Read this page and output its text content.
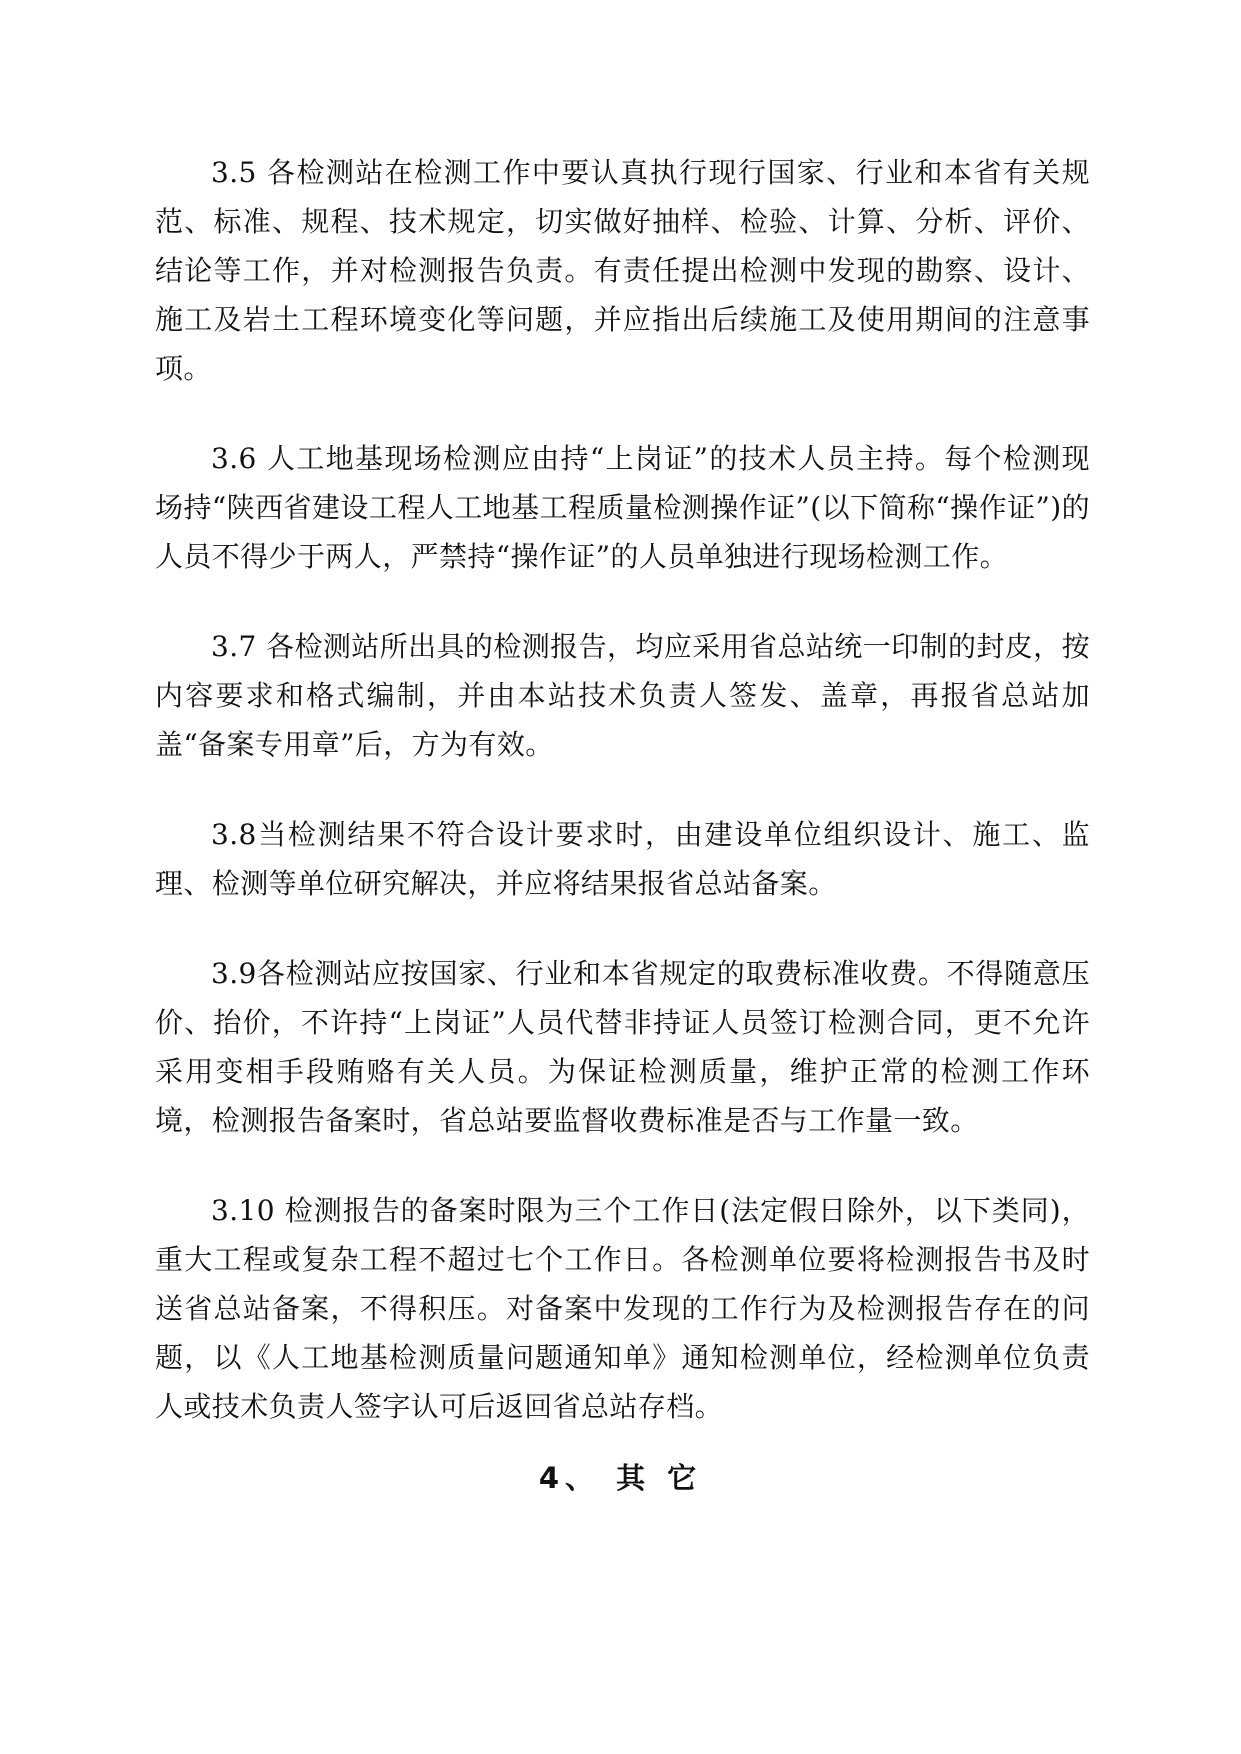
3.5 各检测站在检测工作中要认真执行现行国家、行业和本省有关规范、标准、规程、技术规定，切实做好抽样、检验、计算、分析、评价、结论等工作，并对检测报告负责。有责任提出检测中发现的勘察、设计、施工及岩土工程环境变化等问题，并应指出后续施工及使用期间的注意事项。

3.6 人工地基现场检测应由持“上岗证”的技术人员主持。每个检测现场持“陕西省建设工程人工地基工程质量检测操作证”(以下简称“操作证”)的人员不得少于两人，严禁持“操作证”的人员单独进行现场检测工作。

3.7 各检测站所出具的检测报告，均应采用省总站统一印制的封皮，按内容要求和格式编制，并由本站技术负责人签发、盖章，再报省总站加盖“备案专用章”后，方为有效。

3.8当检测结果不符合设计要求时，由建设单位组织设计、施工、监理、检测等单位研究解决，并应将结果报省总站备案。

3.9各检测站应按国家、行业和本省规定的取费标准收费。不得随意压价、抬价，不许持“上岗证”人员代替非持证人员签订检测合同，更不允许采用变相手段贿赂有关人员。为保证检测质量，维护正常的检测工作环境，检测报告备案时，省总站要监督收费标准是否与工作量一致。

3.10 检测报告的备案时限为三个工作日(法定假日除外，以下类同)，重大工程或复杂工程不超过七个工作日。各检测单位要将检测报告书及时送省总站备案，不得积压。对备案中发现的工作行为及检测报告存在的问题，以《人工地基检测质量问题通知单》通知检测单位，经检测单位负责人或技术负责人签字认可后返回省总站存档。

4、 其 它
